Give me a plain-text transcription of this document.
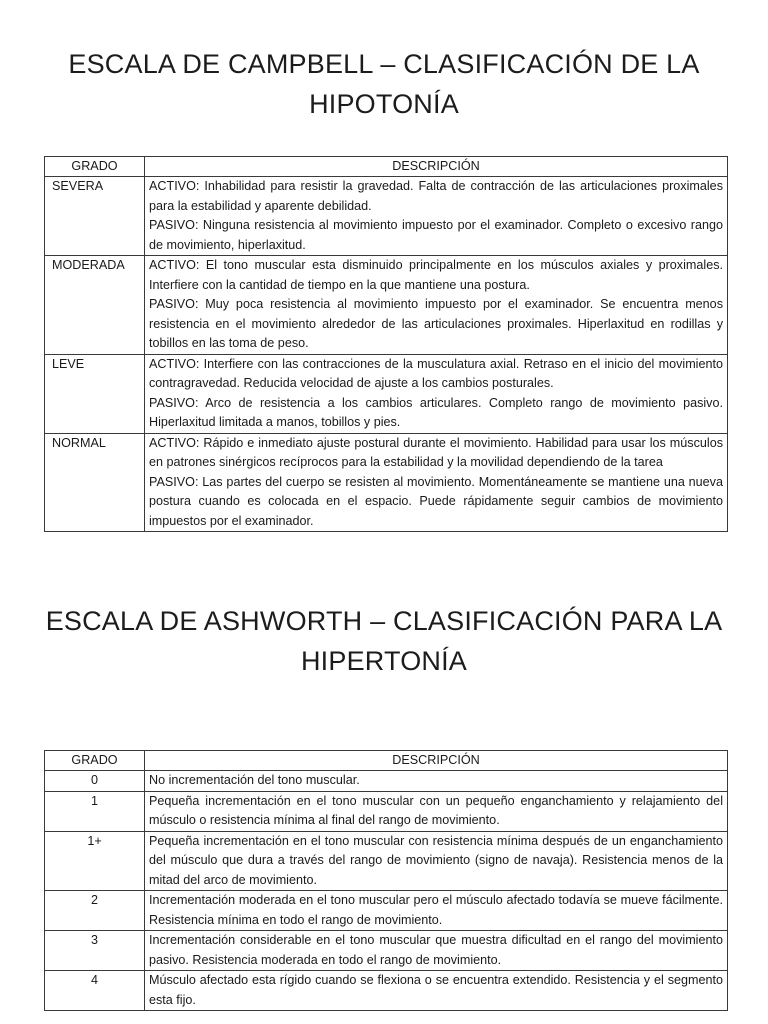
ESCALA DE CAMPBELL – CLASIFICACIÓN DE LA HIPOTONÍA
GRADO	DESCRIPCIÓN
SEVERA	ACTIVO: Inhabilidad para resistir la gravedad. Falta de contracción de las articulaciones proximales para la estabilidad y aparente debilidad.

PASIVO: Ninguna resistencia al movimiento impuesto por el examinador. Completo o excesivo rango de movimiento, hiperlaxitud.

MODERADA	ACTIVO: El tono muscular esta disminuido principalmente en los músculos axiales y proximales. Interfiere con la cantidad de tiempo en la que mantiene una postura.

PASIVO: Muy poca resistencia al movimiento impuesto por el examinador. Se encuentra menos resistencia en el movimiento alrededor de las articulaciones proximales. Hiperlaxitud en rodillas y tobillos en las toma de peso.

LEVE	ACTIVO: Interfiere con las contracciones de la musculatura axial. Retraso en el inicio del movimiento contragravedad. Reducida velocidad de ajuste a los cambios posturales.

PASIVO: Arco de resistencia a los cambios articulares. Completo rango de movimiento pasivo. Hiperlaxitud limitada a manos, tobillos y pies.

NORMAL	ACTIVO: Rápido e inmediato ajuste postural durante el movimiento. Habilidad para usar los músculos en patrones sinérgicos recíprocos para la estabilidad y la movilidad dependiendo de la tarea

PASIVO: Las partes del cuerpo se resisten al movimiento. Momentáneamente se mantiene una nueva postura cuando es colocada en el espacio. Puede rápidamente seguir cambios de movimiento impuestos por el examinador.

ESCALA DE ASHWORTH – CLASIFICACIÓN PARA LA HIPERTONÍA
GRADO	DESCRIPCIÓN
0	No incrementación del tono muscular.

1	Pequeña incrementación en el tono muscular con un pequeño enganchamiento y relajamiento del músculo o resistencia mínima al final del rango de movimiento.

1+	Pequeña incrementación en el tono muscular con resistencia mínima después de un enganchamiento del músculo que dura a través del rango de movimiento (signo de navaja). Resistencia menos de la mitad del arco de movimiento.

2	Incrementación moderada en el tono muscular pero el músculo afectado todavía se mueve fácilmente. Resistencia mínima en todo el rango de movimiento.

3	Incrementación considerable en el tono muscular que muestra dificultad en el rango del movimiento pasivo. Resistencia moderada en todo el rango de movimiento.

4	Músculo afectado esta rígido cuando se flexiona o se encuentra extendido. Resistencia y el segmento esta fijo.
